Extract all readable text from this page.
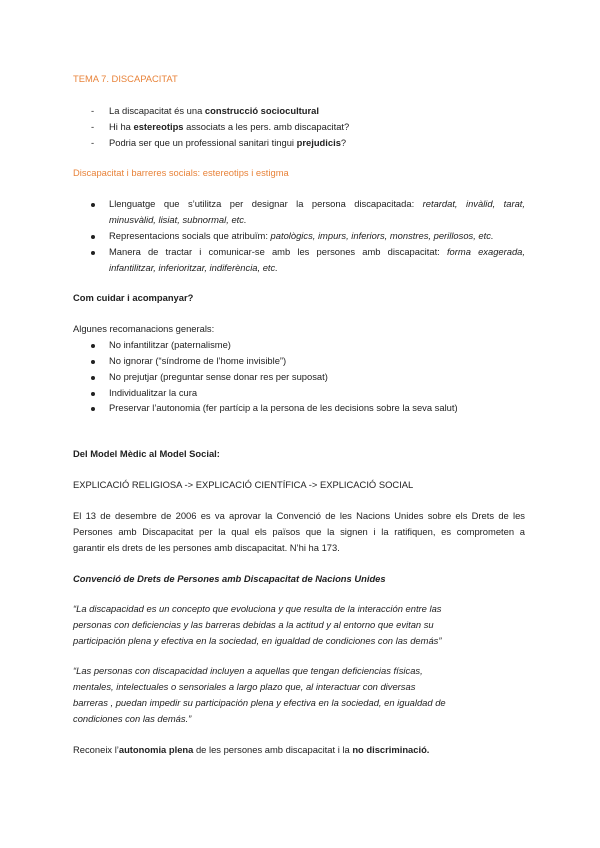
TEMA 7. DISCAPACITAT
- La discapacitat és una construcció sociocultural
- Hi ha estereotips associats a les pers. amb discapacitat?
- Podria ser que un professional sanitari tingui prejudicis?
Discapacitat i barreres socials: estereotips i estigma
Llenguatge que s’utilitza per designar la persona discapacitada: retardat, invàlid, tarat,
minusvàlid, lisiat, subnormal, etc.
Representacions socials que atribuïm: patològics, impurs, inferiors, monstres, perillosos, etc.
Manera de tractar i comunicar-se amb les persones amb discapacitat: forma exagerada,
infantilitzar, inferioritzar, indiferència, etc.
Com cuidar i acompanyar?
Algunes recomanacions generals:
No infantilitzar (paternalisme)
No ignorar (“síndrome de l’home invisible”)
No prejutjar (preguntar sense donar res per suposat)
Individualitzar la cura
Preservar l’autonomia (fer partícip a la persona de les decisions sobre la seva salut)
Del Model Mèdic al Model Social:
EXPLICACIÓ RELIGIOSA -> EXPLICACIÓ CIENTÍFICA -> EXPLICACIÓ SOCIAL
El 13 de desembre de 2006 es va aprovar la Convenció de les Nacions Unides sobre els Drets de les
Persones amb Discapacitat per la qual els països que la signen i la ratifiquen, es comprometen a
garantir els drets de les persones amb discapacitat. N’hi ha 173.
Convenció de Drets de Persones amb Discapacitat de Nacions Unides
“La discapacidad es un concepto que evoluciona y que resulta de la interacción entre las
personas con deficiencias y las barreras debidas a la actitud y al entorno que evitan su
participación plena y efectiva en la sociedad, en igualdad de condiciones con las demás”
“Las personas con discapacidad incluyen a aquellas que tengan deficiencias físicas,
mentales, intelectuales o sensoriales a largo plazo que, al interactuar con diversas
barreras , puedan impedir su participación plena y efectiva en la sociedad, en igualdad de
condiciones con las demás.”
Reconeix l’autonomia plena de les persones amb discapacitat i la no discriminació.
